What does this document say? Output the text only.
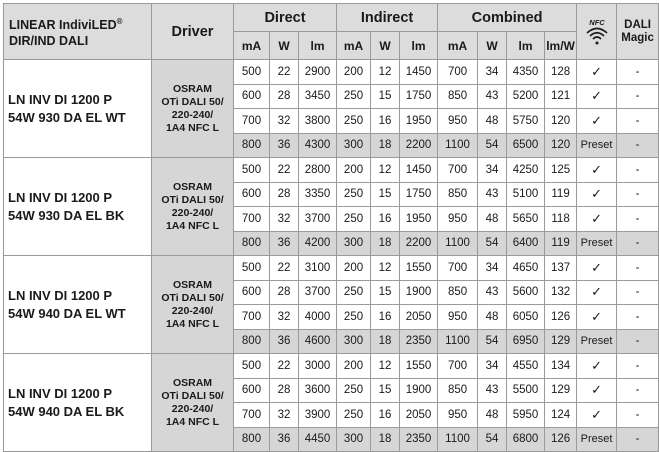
LINEAR IndiviLED®
DIR/IND DALI	Driver	Direct			Indirect			Combined				NFC	DALI
Magic
		mA	W	lm	mA	W	lm	mA	W	lm	lm/W		
LN INV DI 1200 P
54W 930 DA EL WT	OSRAM
OTi DALI 50/
220-240/
1A4 NFC L	500	22	2900	200	12	1450	700	34	4350	128	✓	-
		600	28	3450	250	15	1750	850	43	5200	121	✓	-
		700	32	3800	250	16	1950	950	48	5750	120	✓	-
		800	36	4300	300	18	2200	1100	54	6500	120	Preset	-
LN INV DI 1200 P
54W 930 DA EL BK	OSRAM
OTi DALI 50/
220-240/
1A4 NFC L	500	22	2800	200	12	1450	700	34	4250	125	✓	-
		600	28	3350	250	15	1750	850	43	5100	119	✓	-
		700	32	3700	250	16	1950	950	48	5650	118	✓	-
		800	36	4200	300	18	2200	1100	54	6400	119	Preset	-
LN INV DI 1200 P
54W 940 DA EL WT	OSRAM
OTi DALI 50/
220-240/
1A4 NFC L	500	22	3100	200	12	1550	700	34	4650	137	✓	-
		600	28	3700	250	15	1900	850	43	5600	132	✓	-
		700	32	4000	250	16	2050	950	48	6050	126	✓	-
		800	36	4600	300	18	2350	1100	54	6950	129	Preset	-
LN INV DI 1200 P
54W 940 DA EL BK	OSRAM
OTi DALI 50/
220-240/
1A4 NFC L	500	22	3000	200	12	1550	700	34	4550	134	✓	-
		600	28	3600	250	15	1900	850	43	5500	129	✓	-
		700	32	3900	250	16	2050	950	48	5950	124	✓	-
		800	36	4450	300	18	2350	1100	54	6800	126	Preset	-
